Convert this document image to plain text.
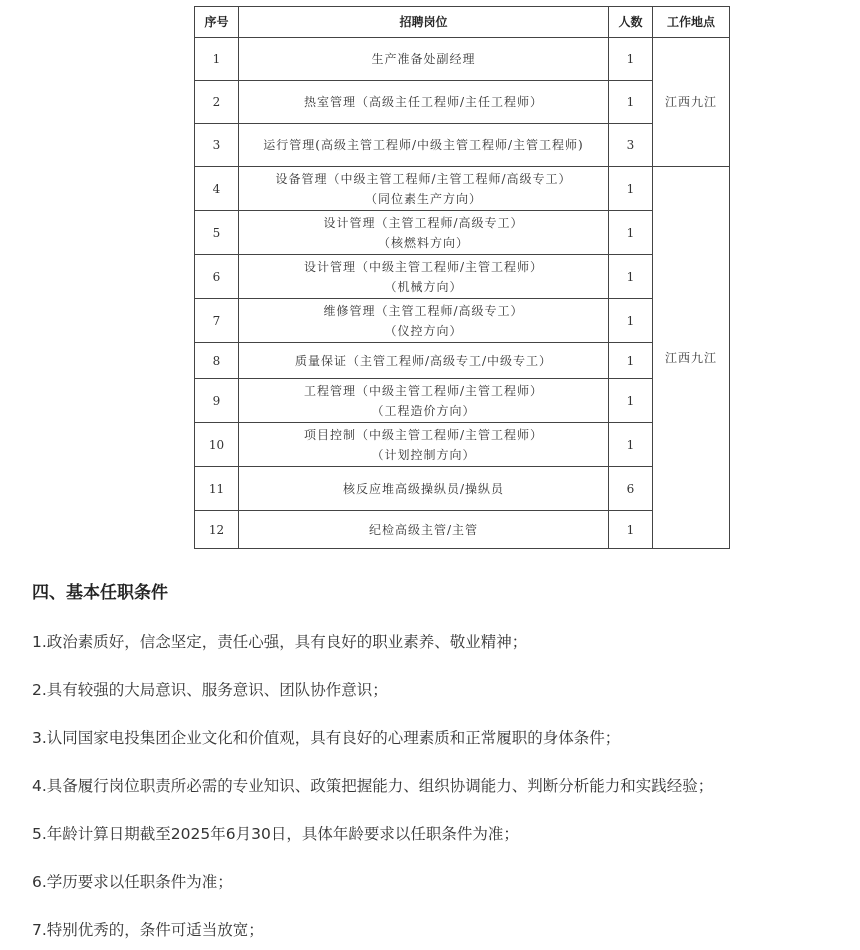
序号	招聘岗位	人数	工作地点
1	生产准备处副经理	1	江西九江
2	热室管理（高级主任工程师/主任工程师）	1	
3	运行管理(高级主管工程师/中级主管工程师/主管工程师)	3	
4	设备管理（中级主管工程师/主管工程师/高级专工）
（同位素生产方向）	1	江西九江
5	设计管理（主管工程师/高级专工）
（核燃料方向）	1	
6	设计管理（中级主管工程师/主管工程师）
（机械方向）	1	
7	维修管理（主管工程师/高级专工）
（仪控方向）	1	
8	质量保证（主管工程师/高级专工/中级专工）	1	
9	工程管理（中级主管工程师/主管工程师）
（工程造价方向）	1	
10	项目控制（中级主管工程师/主管工程师）
（计划控制方向）	1	
11	核反应堆高级操纵员/操纵员	6	
12	纪检高级主管/主管	1	
四、基本任职条件

1.政治素质好，信念坚定，责任心强，具有良好的职业素养、敬业精神；

2.具有较强的大局意识、服务意识、团队协作意识；

3.认同国家电投集团企业文化和价值观，具有良好的心理素质和正常履职的身体条件；

4.具备履行岗位职责所必需的专业知识、政策把握能力、组织协调能力、判断分析能力和实践经验；

5.年龄计算日期截至2025年6月30日，具体年龄要求以任职条件为准；

6.学历要求以任职条件为准；

7.特别优秀的，条件可适当放宽；
